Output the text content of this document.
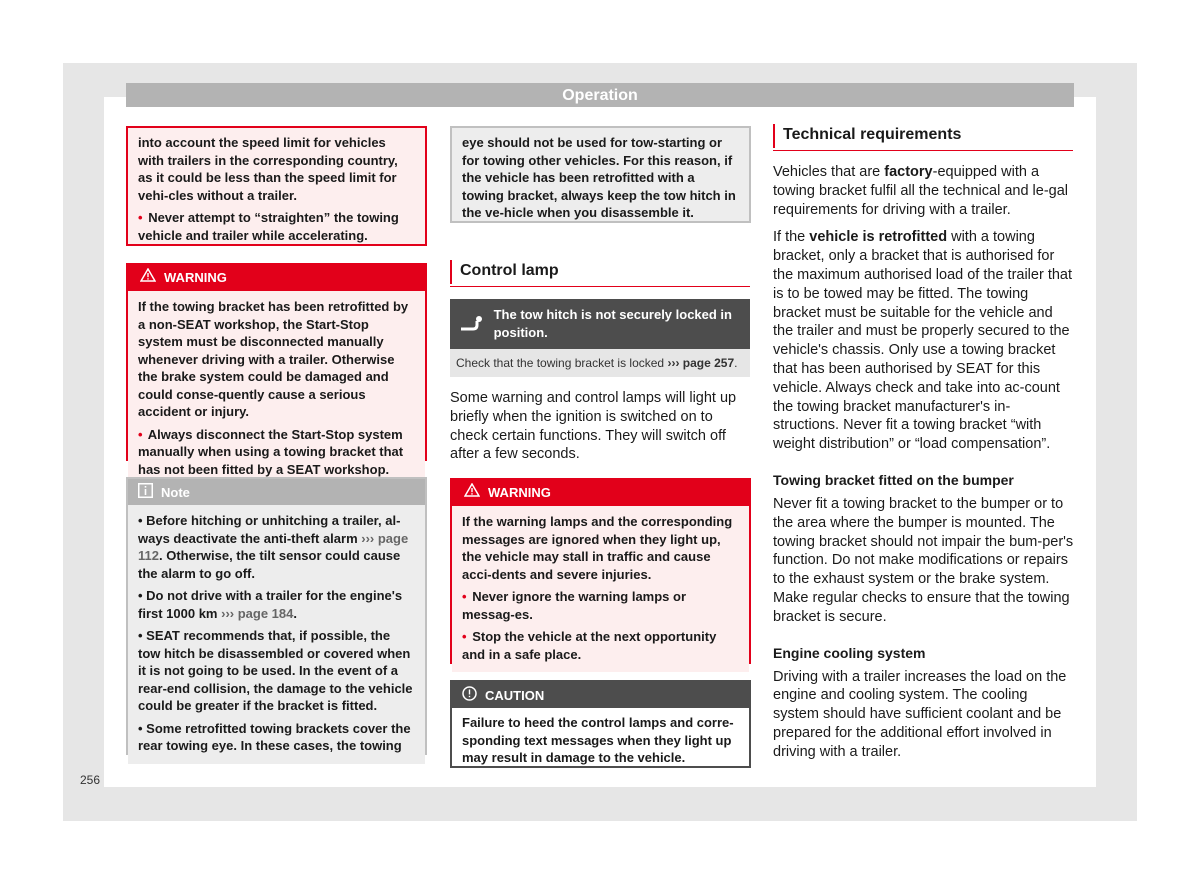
Operation

into account the speed limit for vehicles with trailers in the corresponding country, as it could be less than the speed limit for vehi-cles without a trailer.

• Never attempt to “straighten” the towing vehicle and trailer while accelerating.

WARNING

If the towing bracket has been retrofitted by a non-SEAT workshop, the Start-Stop system must be disconnected manually whenever driving with a trailer. Otherwise the brake system could be damaged and could conse-quently cause a serious accident or injury.

• Always disconnect the Start-Stop system manually when using a towing bracket that has not been fitted by a SEAT workshop.

Note

• Before hitching or unhitching a trailer, al-ways deactivate the anti-theft alarm ››› page 112. Otherwise, the tilt sensor could cause the alarm to go off.

• Do not drive with a trailer for the engine's first 1000 km ››› page 184.

• SEAT recommends that, if possible, the tow hitch be disassembled or covered when it is not going to be used. In the event of a rear-end collision, the damage to the vehicle could be greater if the bracket is fitted.

• Some retrofitted towing brackets cover the rear towing eye. In these cases, the towing

eye should not be used for tow-starting or for towing other vehicles. For this reason, if the vehicle has been retrofitted with a towing bracket, always keep the tow hitch in the ve-hicle when you disassemble it.

Control lamp
The tow hitch is not securely locked in position.
Check that the towing bracket is locked ››› page 257.

Some warning and control lamps will light up briefly when the ignition is switched on to check certain functions. They will switch off after a few seconds.

WARNING

If the warning lamps and the corresponding messages are ignored when they light up, the vehicle may stall in traffic and cause acci-dents and severe injuries.

• Never ignore the warning lamps or messag-es.

• Stop the vehicle at the next opportunity and in a safe place.

CAUTION

Failure to heed the control lamps and corre-sponding text messages when they light up may result in damage to the vehicle.

Technical requirements

Vehicles that are factory-equipped with a towing bracket fulfil all the technical and le-gal requirements for driving with a trailer.

If the vehicle is retrofitted with a towing bracket, only a bracket that is authorised for the maximum authorised load of the trailer that is to be towed may be fitted. The towing bracket must be suitable for the vehicle and the trailer and must be properly secured to the vehicle's chassis. Only use a towing bracket that has been authorised by SEAT for this vehicle. Always check and take into ac-count the towing bracket manufacturer's in-structions. Never fit a towing bracket “with weight distribution” or “load compensation”.

Towing bracket fitted on the bumper

Never fit a towing bracket to the bumper or to the area where the bumper is mounted. The towing bracket should not impair the bum-per's function. Do not make modifications or repairs to the exhaust system or the brake system. Make regular checks to ensure that the towing bracket is secure.

Engine cooling system

Driving with a trailer increases the load on the engine and cooling system. The cooling system should have sufficient coolant and be prepared for the additional effort involved in driving with a trailer.

256
